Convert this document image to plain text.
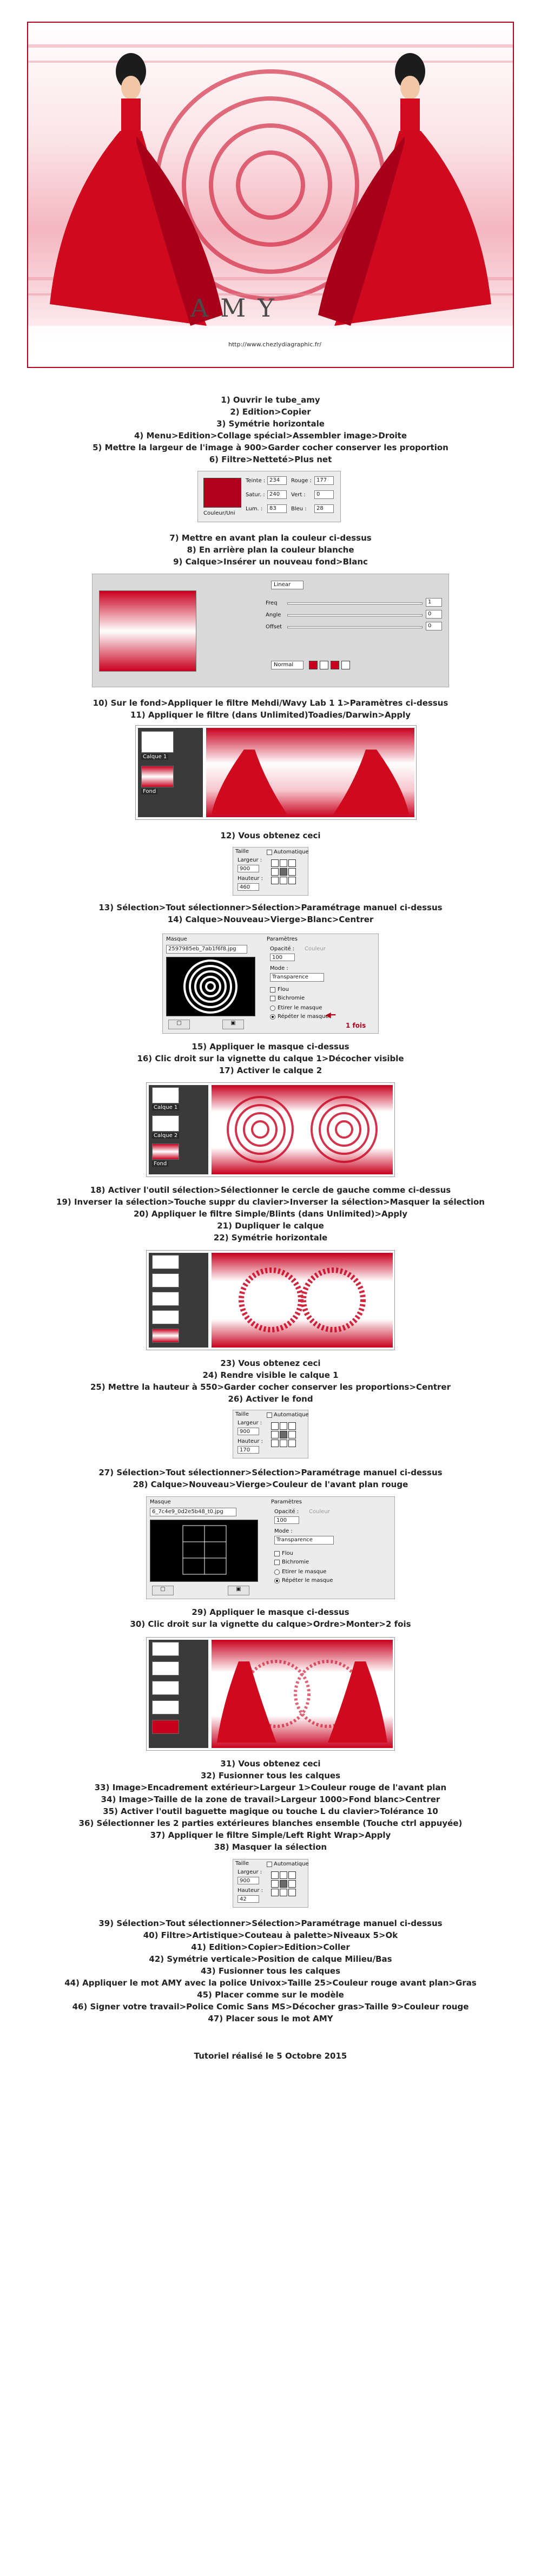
AMY
http://www.chezlydiagraphic.fr/
1) Ouvrir le tube_amy
2) Edition>Copier
3) Symétrie horizontale
4) Menu>Edition>Collage spécial>Assembler image>Droite
5) Mettre la largeur de l'image à 900>Garder cocher conserver les proportion
6) Filtre>Netteté>Plus net
Couleur/Uni
Teinte : 234
Satur. : 240
Lum. :	83
Rouge : 177
Vert :	0
Bleu :	28
7) Mettre en avant plan la couleur ci-dessus
8) En arrière plan la couleur blanche
9) Calque>Insérer un nouveau fond>Blanc
Linear
Freq	1
Angle	0
Offset	0
Normal
10) Sur le fond>Appliquer le filtre Mehdi/Wavy Lab 1 1>Paramètres ci-dessus
11) Appliquer le filtre (dans Unlimited)Toadies/Darwin>Apply
Calque 1
Fond
12) Vous obtenez ceci
Taille
Largeur :
900
Hauteur :
460
Automatique
13) Sélection>Tout sélectionner>Sélection>Paramétrage manuel ci-dessus
14) Calque>Nouveau>Vierge>Blanc>Centrer
Masque
2597985eb_7ab1f6f8.jpg
▢	▣
Paramètres
Opacité :
100
Couleur
Mode :
Transparence
Flou
Bichromie
Etirer le masque
Répéter le masque
◀━
1 fois
15) Appliquer le masque ci-dessus
16) Clic droit sur la vignette du calque 1>Décocher visible
17) Activer le calque 2
Calque 1
Calque 2
Fond
18) Activer l'outil sélection>Sélectionner le cercle de gauche comme ci-dessus
19) Inverser la sélection>Touche suppr du clavier>Inverser la sélection>Masquer la sélection
20) Appliquer le filtre Simple/Blints (dans Unlimited)>Apply
21) Dupliquer le calque
22) Symétrie horizontale
23) Vous obtenez ceci
24) Rendre visible le calque 1
25) Mettre la hauteur à 550>Garder cocher conserver les proportions>Centrer
26) Activer le fond
Taille
Largeur :
900
Hauteur :
170
Automatique
27) Sélection>Tout sélectionner>Sélection>Paramétrage manuel ci-dessus
28) Calque>Nouveau>Vierge>Couleur de l'avant plan rouge
Masque
6_7c4e9_0d2e5b48_t0.jpg
▢	▣
Paramètres
Opacité :
100
Couleur
Mode :
Transparence
Flou
Bichromie
Etirer le masque
Répéter le masque
29) Appliquer le masque ci-dessus
30) Clic droit sur la vignette du calque>Ordre>Monter>2 fois
31) Vous obtenez ceci
32) Fusionner tous les calques
33) Image>Encadrement extérieur>Largeur 1>Couleur rouge de l'avant plan
34) Image>Taille de la zone de travail>Largeur 1000>Fond blanc>Centrer
35) Activer l'outil baguette magique ou touche L du clavier>Tolérance 10
36) Sélectionner les 2 parties extérieures blanches ensemble (Touche ctrl appuyée)
37) Appliquer le filtre Simple/Left Right Wrap>Apply
38) Masquer la sélection
Taille
Largeur :
900
Hauteur :
42
Automatique
39) Sélection>Tout sélectionner>Sélection>Paramétrage manuel ci-dessus
40) Filtre>Artistique>Couteau à palette>Niveaux 5>Ok
41) Edition>Copier>Edition>Coller
42) Symétrie verticale>Position de calque Milieu/Bas
43) Fusionner tous les calques
44) Appliquer le mot AMY avec la police Univox>Taille 25>Couleur rouge avant plan>Gras
45) Placer comme sur le modèle
46) Signer votre travail>Police Comic Sans MS>Décocher gras>Taille 9>Couleur rouge
47) Placer sous le mot AMY
Tutoriel réalisé le 5 Octobre 2015
